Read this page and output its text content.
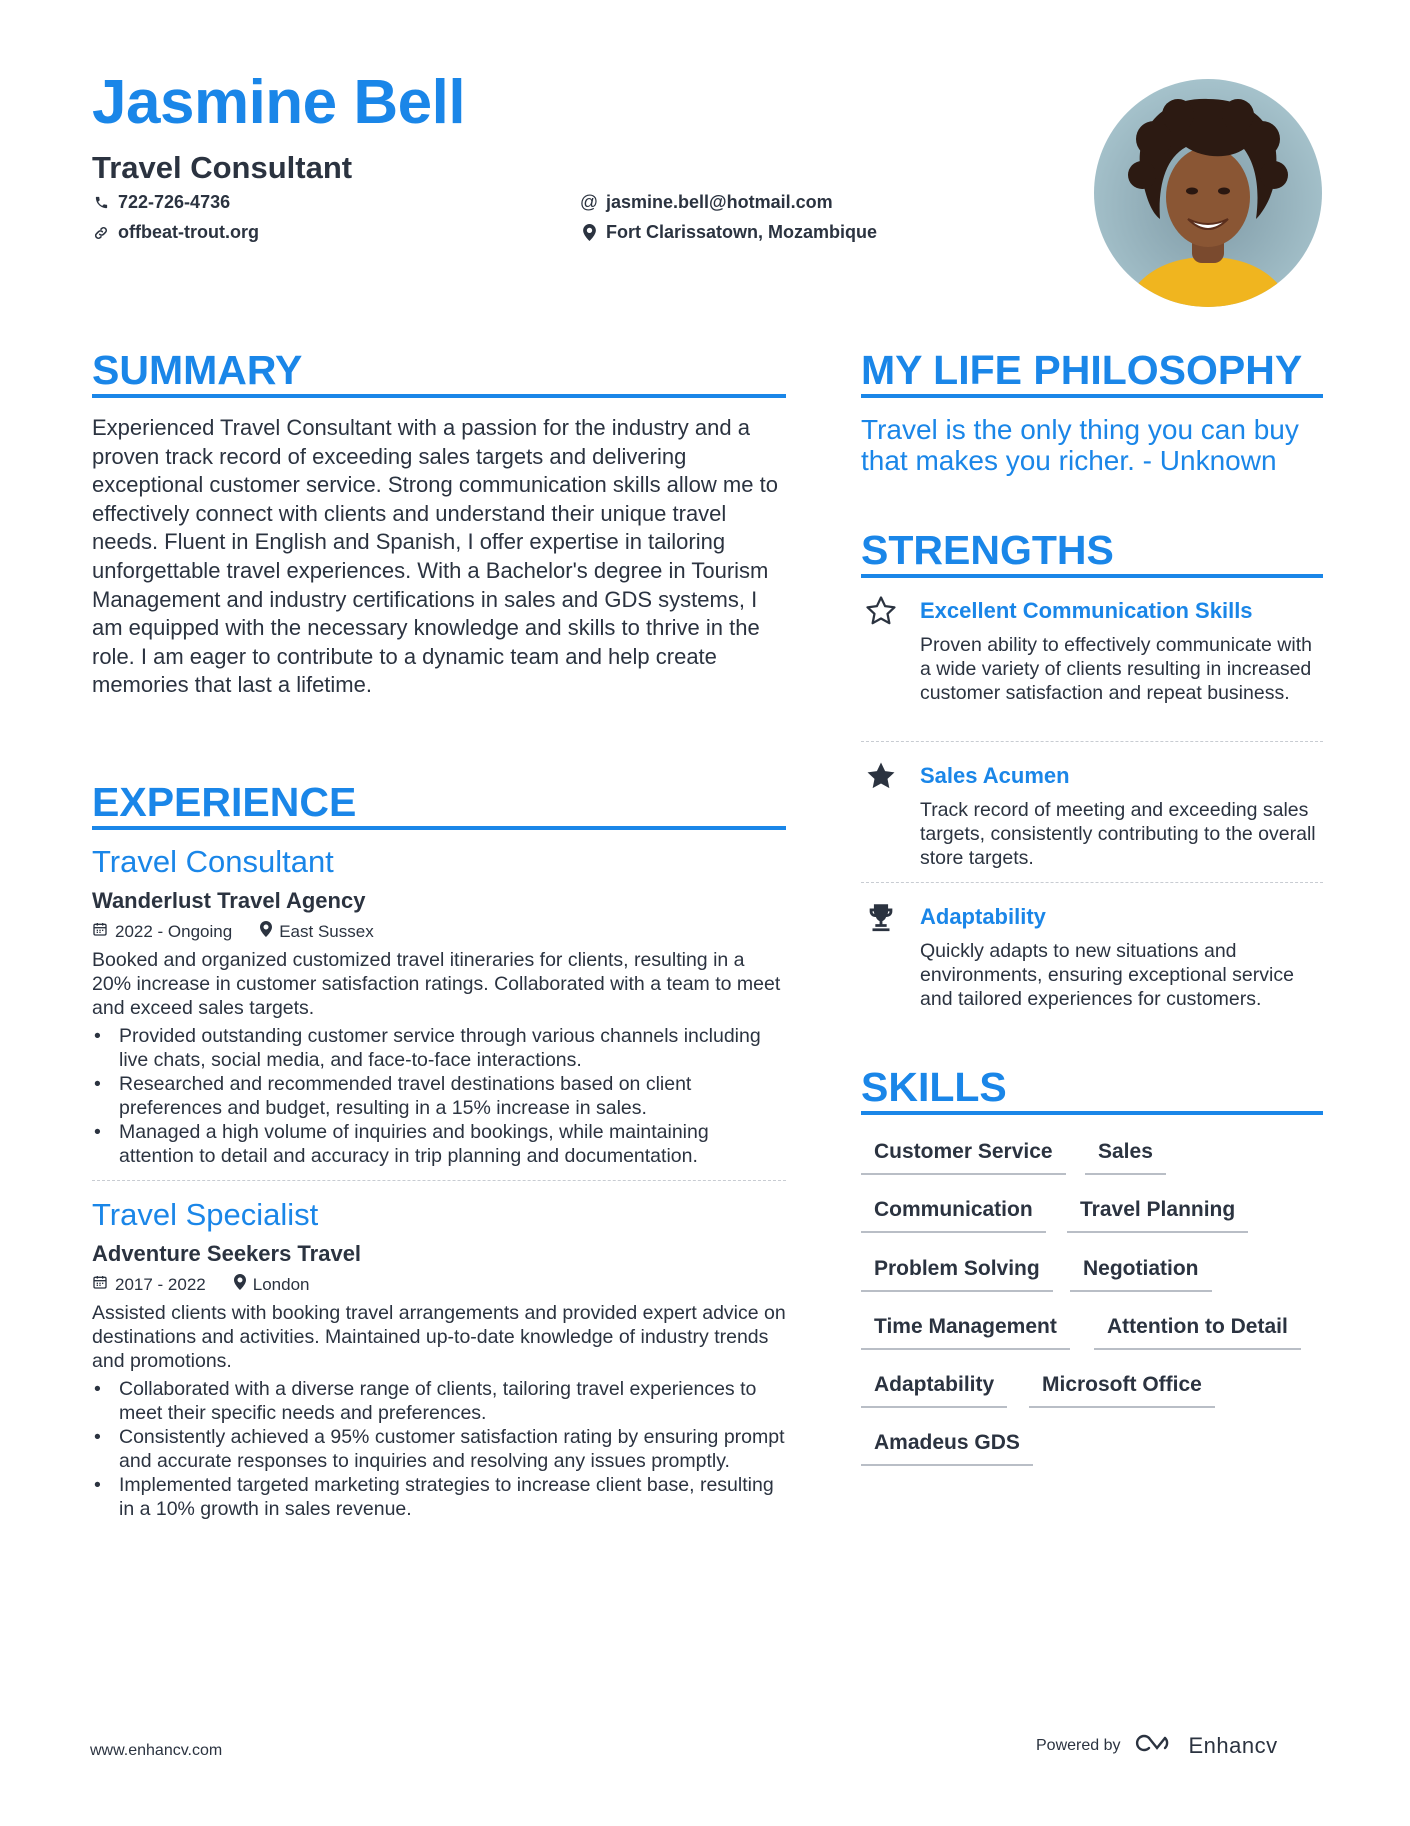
Jasmine Bell
Travel Consultant
722-726-4736
offbeat-trout.org
@ jasmine.bell@hotmail.com
Fort Clarissatown, Mozambique
SUMMARY
Experienced Travel Consultant with a passion for the industry and a proven track record of exceeding sales targets and delivering exceptional customer service. Strong communication skills allow me to effectively connect with clients and understand their unique travel needs. Fluent in English and Spanish, I offer expertise in tailoring unforgettable travel experiences. With a Bachelor's degree in Tourism Management and industry certifications in sales and GDS systems, I am equipped with the necessary knowledge and skills to thrive in the role. I am eager to contribute to a dynamic team and help create memories that last a lifetime.
EXPERIENCE
Travel Consultant
Wanderlust Travel Agency
2022 - Ongoing	East Sussex
Booked and organized customized travel itineraries for clients, resulting in a 20% increase in customer satisfaction ratings. Collaborated with a team to meet and exceed sales targets.
• Provided outstanding customer service through various channels including live chats, social media, and face-to-face interactions.
• Researched and recommended travel destinations based on client preferences and budget, resulting in a 15% increase in sales.
• Managed a high volume of inquiries and bookings, while maintaining attention to detail and accuracy in trip planning and documentation.
Travel Specialist
Adventure Seekers Travel
2017 - 2022	London
Assisted clients with booking travel arrangements and provided expert advice on destinations and activities. Maintained up-to-date knowledge of industry trends and promotions.
• Collaborated with a diverse range of clients, tailoring travel experiences to meet their specific needs and preferences.
• Consistently achieved a 95% customer satisfaction rating by ensuring prompt and accurate responses to inquiries and resolving any issues promptly.
• Implemented targeted marketing strategies to increase client base, resulting in a 10% growth in sales revenue.
MY LIFE PHILOSOPHY
Travel is the only thing you can buy that makes you richer. - Unknown
STRENGTHS
Excellent Communication Skills
Proven ability to effectively communicate with a wide variety of clients resulting in increased customer satisfaction and repeat business.
Sales Acumen
Track record of meeting and exceeding sales targets, consistently contributing to the overall store targets.
Adaptability
Quickly adapts to new situations and environments, ensuring exceptional service and tailored experiences for customers.
SKILLS
Customer Service	Sales
Communication	Travel Planning
Problem Solving	Negotiation
Time Management	Attention to Detail
Adaptability	Microsoft Office
Amadeus GDS
www.enhancv.com	Powered by	Enhancv
